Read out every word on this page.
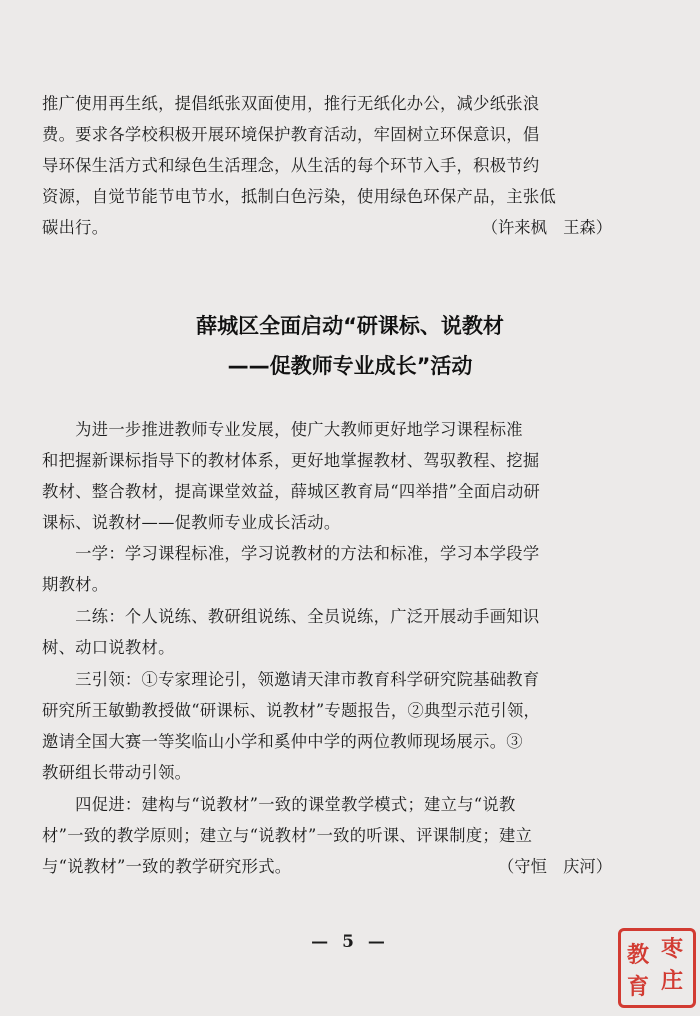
推广使用再生纸，提倡纸张双面使用，推行无纸化办公，减少纸张浪
费。要求各学校积极开展环境保护教育活动，牢固树立环保意识，倡
导环保生活方式和绿色生活理念，从生活的每个环节入手，积极节约
资源，自觉节能节电节水，抵制白色污染，使用绿色环保产品，主张低
碳出行。	（许来枫　王森）
薛城区全面启动“研课标、说教材
——促教师专业成长”活动

　　为进一步推进教师专业发展，使广大教师更好地学习课程标准
和把握新课标指导下的教材体系，更好地掌握教材、驾驭教程、挖掘
教材、整合教材，提高课堂效益，薛城区教育局“四举措”全面启动研
课标、说教材——促教师专业成长活动。

　　一学：学习课程标准，学习说教材的方法和标准，学习本学段学
期教材。

　　二练：个人说练、教研组说练、全员说练，广泛开展动手画知识
树、动口说教材。

　　三引领：①专家理论引，领邀请天津市教育科学研究院基础教育
研究所王敏勤教授做“研课标、说教材”专题报告，②典型示范引领，
邀请全国大赛一等奖临山小学和奚仲中学的两位教师现场展示。③
教研组长带动引领。

　　四促进：建构与“说教材”一致的课堂教学模式；建立与“说教
材”一致的教学原则；建立与“说教材”一致的听课、评课制度；建立
与“说教材”一致的教学研究形式。	（守恒　庆河）
— 5 —	教
育
枣
庄
